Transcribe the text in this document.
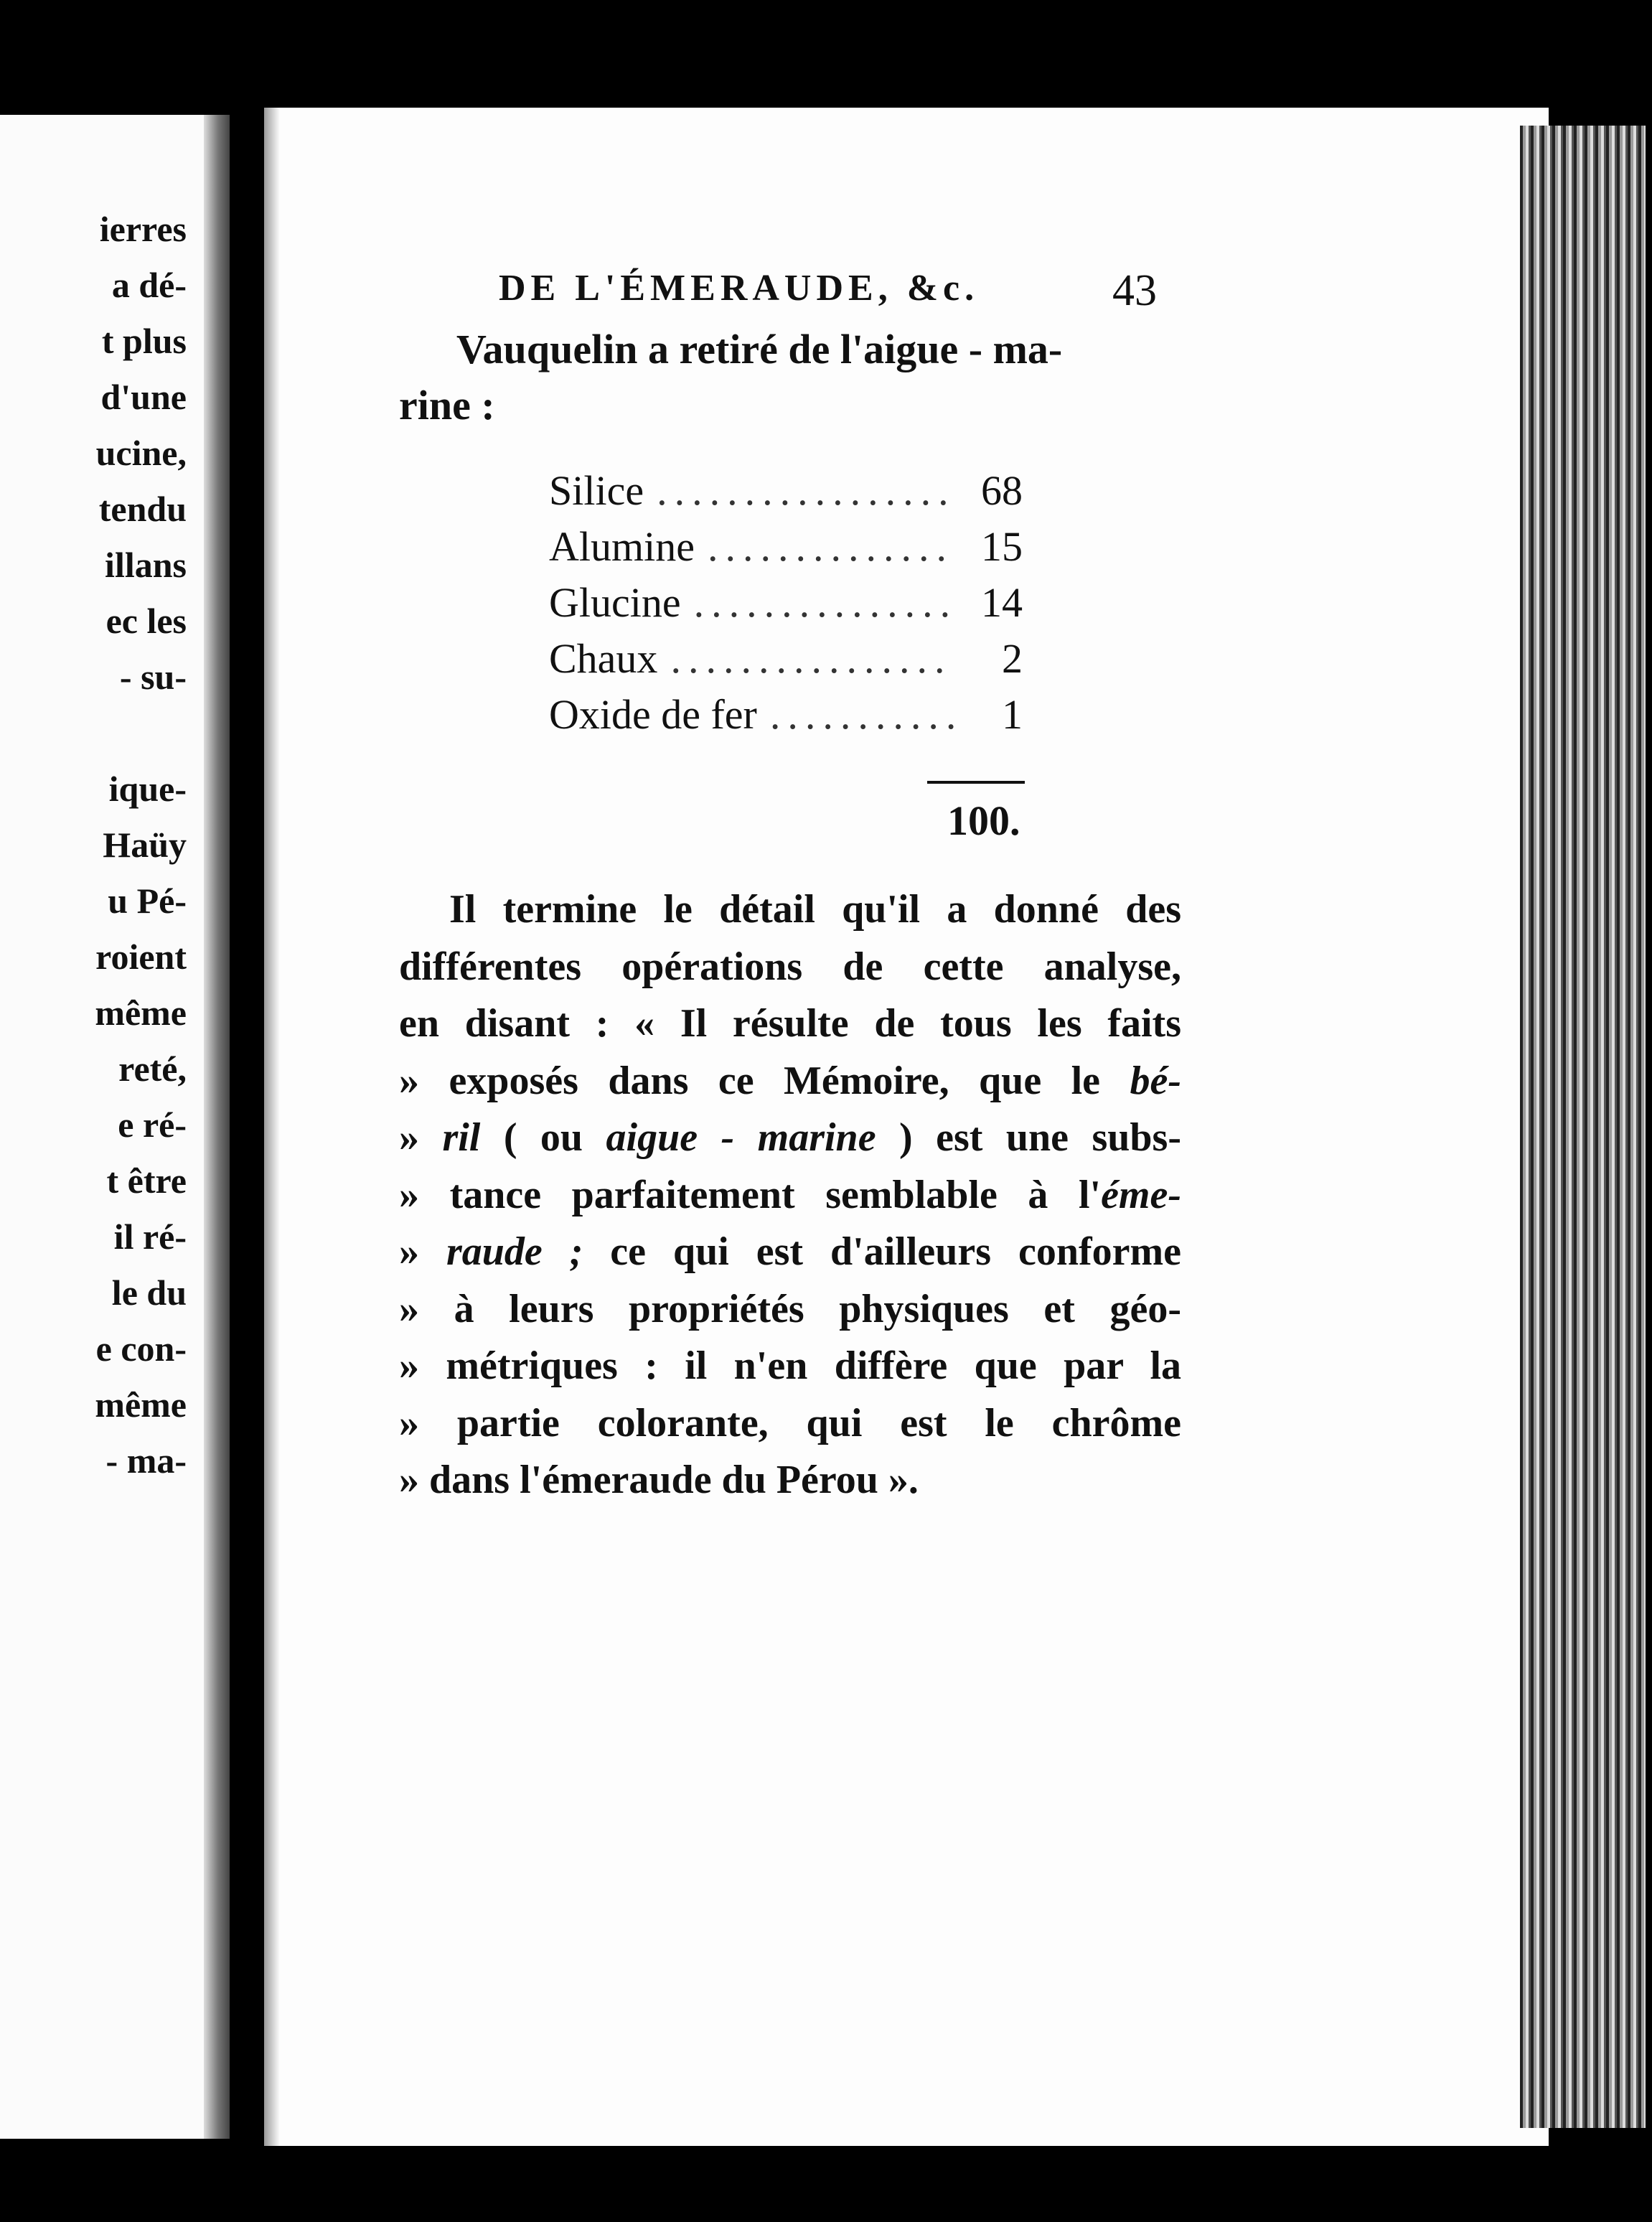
ierres
a dé-
t plus
d'une
ucine,
tendu
illans
ec les
- su-
ique-
Haüy
u Pé-
roient
même
reté,
e ré-
t être
il ré-
le du
e con-
même
- ma-
DE L'ÉMERAUDE, &c.	43
Vauquelin a retiré de l'aigue - ma-
rine :
Silice .....	68
Alumine .....	15
Glucine .....	14
Chaux .....	2
Oxide de fer .....	1
100.
Il termine le détail qu'il a donné des
différentes opérations de cette analyse,
en disant : « Il résulte de tous les faits
» exposés dans ce Mémoire, que le bé-
» ril ( ou aigue - marine ) est une subs-
» tance parfaitement semblable à l'éme-
» raude ; ce qui est d'ailleurs conforme
» à leurs propriétés physiques et géo-
» métriques : il n'en diffère que par la
» partie colorante, qui est le chrôme
» dans l'émeraude du Pérou ».
